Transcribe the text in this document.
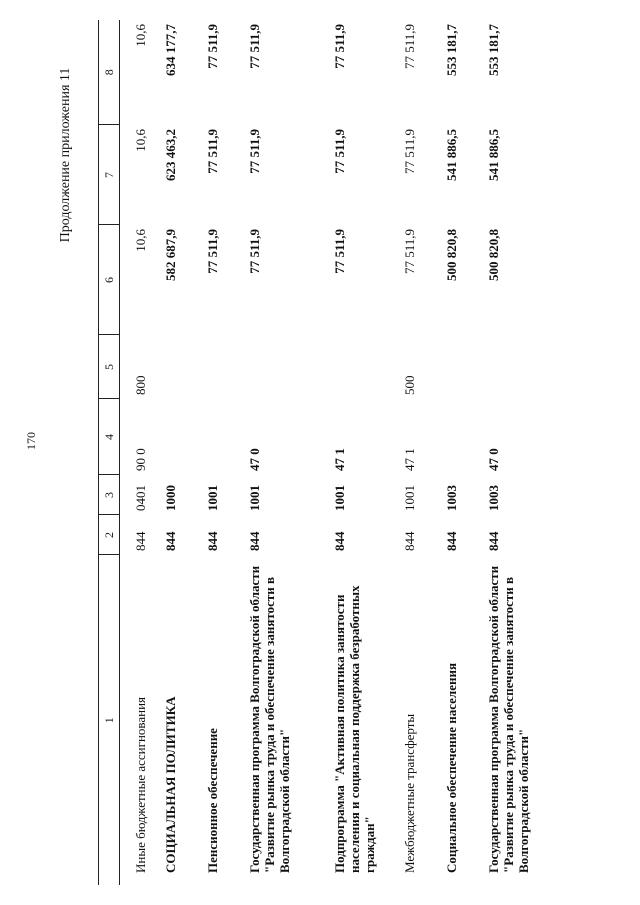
170
Продолжение приложения 11
1	2	3	4	5	6	7	8
Иные бюджетные ассигнования	844	0401	90 0	800	10,6	10,6	10,6
СОЦИАЛЬНАЯ ПОЛИТИКА	844	1000			582 687,9	623 463,2	634 177,7
Пенсионное обеспечение	844	1001			77 511,9	77 511,9	77 511,9
Государственная программа Волгоградской области "Развитие рынка труда и обеспечение занятости в Волгоградской области"	844	1001	47 0		77 511,9	77 511,9	77 511,9
Подпрограмма "Активная политика занятости населения и социальная поддержка безработных граждан"	844	1001	47 1		77 511,9	77 511,9	77 511,9
Межбюджетные трансферты	844	1001	47 1	500	77 511,9	77 511,9	77 511,9
Социальное обеспечение населения	844	1003			500 820,8	541 886,5	553 181,7
Государственная программа Волгоградской области "Развитие рынка труда и обеспечение занятости в Волгоградской области"	844	1003	47 0		500 820,8	541 886,5	553 181,7
